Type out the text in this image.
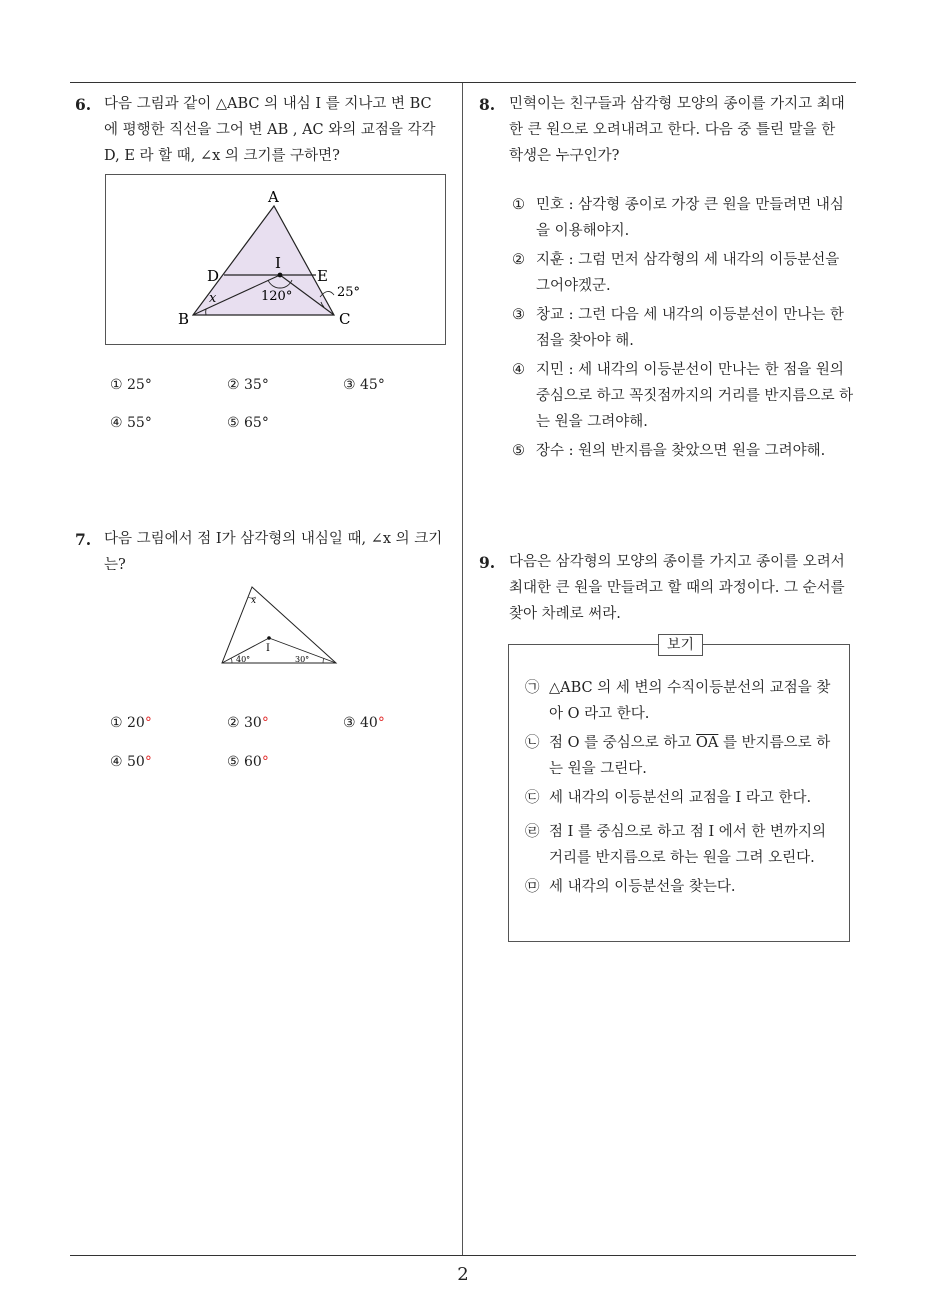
6. 다음 그림과 같이 △ABC 의 내심 I 를 지나고 변 BC
에 평행한 직선을 그어 변 AB , AC 와의 교점을 각각
D, E 라 할 때, ∠x 의 크기를 구하면?
A
B	C
D	E
I
x	120°	25°
① 25°	② 35°	③ 45°
④ 55°	⑤ 65°
7. 다음 그림에서 점 I가 삼각형의 내심일 때, ∠x 의 크기
는?
x
I
40°	30°
① 20°	② 30°	③ 40°
④ 50°	⑤ 60°
8. 민혁이는 친구들과 삼각형 모양의 종이를 가지고 최대
한 큰 원으로 오려내려고 한다. 다음 중 틀린 말을 한
학생은 누구인가?
① 민호 : 삼각형 종이로 가장 큰 원을 만들려면 내심을 이용해야지.
② 지훈 : 그럼 먼저 삼각형의 세 내각의 이등분선을 그어야겠군.
③ 창교 : 그런 다음 세 내각의 이등분선이 만나는 한 점을 찾아야 해.
④ 지민 : 세 내각의 이등분선이 만나는 한 점을 원의 중심으로 하고 꼭짓점까지의 거리를 반지름으로 하는 원을 그려야해.
⑤ 장수 : 원의 반지름을 찾았으면 원을 그려야해.
9. 다음은 삼각형의 모양의 종이를 가지고 종이를 오려서
최대한 큰 원을 만들려고 할 때의 과정이다. 그 순서를
찾아 차례로 써라.
보기
㉠ △ABC 의 세 변의 수직이등분선의 교점을 찾아 O 라고 한다.
㉡ 점 O 를 중심으로 하고 $\overline{OA}$ 를 반지름으로 하는 원을 그린다.
㉢ 세 내각의 이등분선의 교점을 I 라고 한다.
㉣ 점 I 를 중심으로 하고 점 I 에서 한 변까지의 거리를 반지름으로 하는 원을 그려 오린다.
㉤ 세 내각의 이등분선을 찾는다.
2
